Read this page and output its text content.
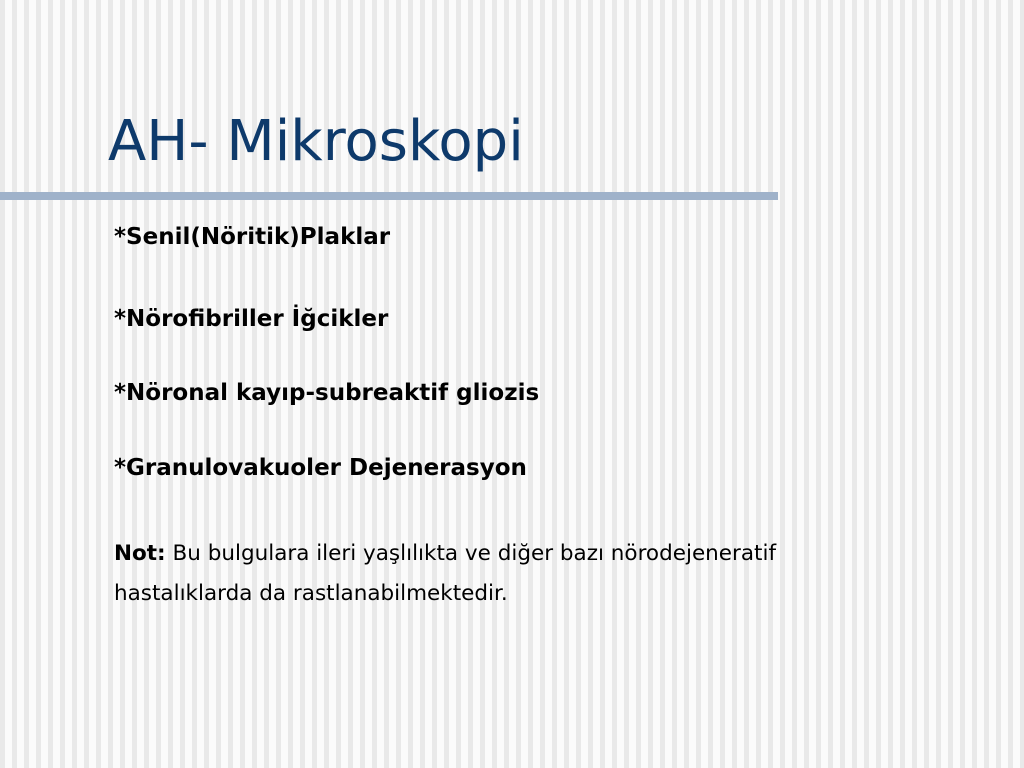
AH- Mikroskopi
*Senil(Nöritik)Plaklar
*Nörofibriller İğcikler
*Nöronal kayıp-subreaktif gliozis
*Granulovakuoler Dejenerasyon

Not: Bu bulgulara ileri yaşlılıkta ve diğer bazı nörodejeneratif hastalıklarda da rastlanabilmektedir.
